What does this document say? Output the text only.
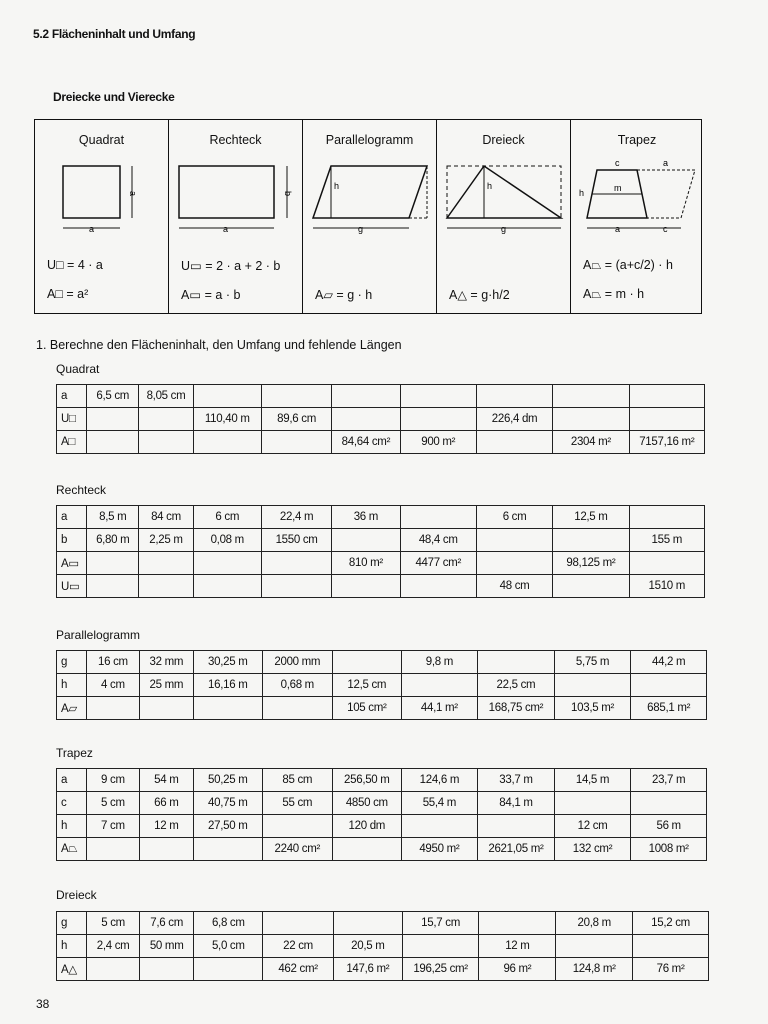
5.2 Flächeninhalt und Umfang
Dreiecke und Vierecke
Quadrat
a
a
U□ = 4 · a
A□ = a²
Rechteck
a
b
U▭ = 2 · a + 2 · b
A▭ = a · b
Parallelogramm
h
g
A▱ = g · h
Dreieck
h
g
A△ = g·h/2
Trapez
c	a
m
h
a	c
A⏢ = (a+c/2) · h
A⏢ = m · h
1. Berechne den Flächeninhalt, den Umfang und fehlende Längen
Quadrat
a	6,5 cm	8,05 cm							
U□			110,40 m	89,6 cm			226,4 dm		
A□					84,64 cm²	900 m²		2304 m²	7157,16 m²
Rechteck
a	8,5 m	84 cm	6 cm	22,4 m	36 m		6 cm	12,5 m	
b	6,80 m	2,25 m	0,08 m	1550 cm		48,4 cm			155 m
A▭					810 m²	4477 cm²		98,125 m²	
U▭							48 cm		1510 m
Parallelogramm
g	16 cm	32 mm	30,25 m	2000 mm		9,8 m		5,75 m	44,2 m
h	4 cm	25 mm	16,16 m	0,68 m	12,5 cm		22,5 cm		
A▱					105 cm²	44,1 m²	168,75 cm²	103,5 m²	685,1 m²
Trapez
a	9 cm	54 m	50,25 m	85 cm	256,50 m	124,6 m	33,7 m	14,5 m	23,7 m
c	5 cm	66 m	40,75 m	55 cm	4850 cm	55,4 m	84,1 m		
h	7 cm	12 m	27,50 m		120 dm			12 cm	56 m
A⏢				2240 cm²		4950 m²	2621,05 m²	132 cm²	1008 m²
Dreieck
g	5 cm	7,6 cm	6,8 cm			15,7 cm		20,8 m	15,2 cm
h	2,4 cm	50 mm	5,0 cm	22 cm	20,5 m		12 m		
A△				462 cm²	147,6 m²	196,25 cm²	96 m²	124,8 m²	76 m²
38
